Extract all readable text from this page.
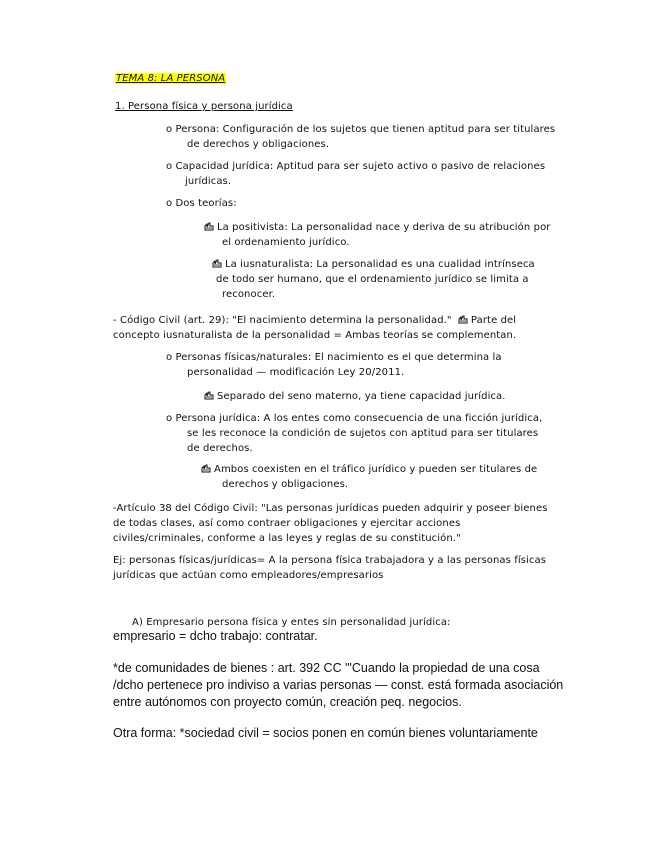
TEMA 8: LA PERSONA
1. Persona física y persona jurídica
o Persona: Configuración de los sujetos que tienen aptitud para ser titulares
de derechos y obligaciones.
o Capacidad jurídica: Aptitud para ser sujeto activo o pasivo de relaciones
jurídicas.
o Dos teorías:
La positivista: La personalidad nace y deriva de su atribución por
el ordenamiento jurídico.
La iusnaturalista: La personalidad es una cualidad intrínseca
de todo ser humano, que el ordenamiento jurídico se limita a
reconocer.
- Código Civil (art. 29): "El nacimiento determina la personalidad." Parte del
concepto iusnaturalista de la personalidad = Ambas teorías se complementan.
o Personas físicas/naturales: El nacimiento es el que determina la
personalidad — modificación Ley 20/2011.
Separado del seno materno, ya tiene capacidad jurídica.
o Persona jurídica: A los entes como consecuencia de una ficción jurídica,
se les reconoce la condición de sujetos con aptitud para ser titulares
de derechos.
Ambos coexisten en el tráfico jurídico y pueden ser titulares de
derechos y obligaciones.
-Artículo 38 del Código Civil: "Las personas jurídicas pueden adquirir y poseer bienes
de todas clases, así como contraer obligaciones y ejercitar acciones
civiles/criminales, conforme a las leyes y reglas de su constitución."
Ej: personas físicas/jurídicas= A la persona física trabajadora y a las personas físicas
jurídicas que actúan como empleadores/empresarios
A) Empresario persona física y entes sin personalidad jurídica:
empresario = dcho trabajo: contratar.
*de comunidades de bienes : art. 392 CC "'Cuando la propiedad de una cosa
/dcho pertenece pro indiviso a varias personas — const. está formada asociación
entre autónomos con proyecto común, creación peq. negocios.
Otra forma: *sociedad civil = socios ponen en común bienes voluntariamente
